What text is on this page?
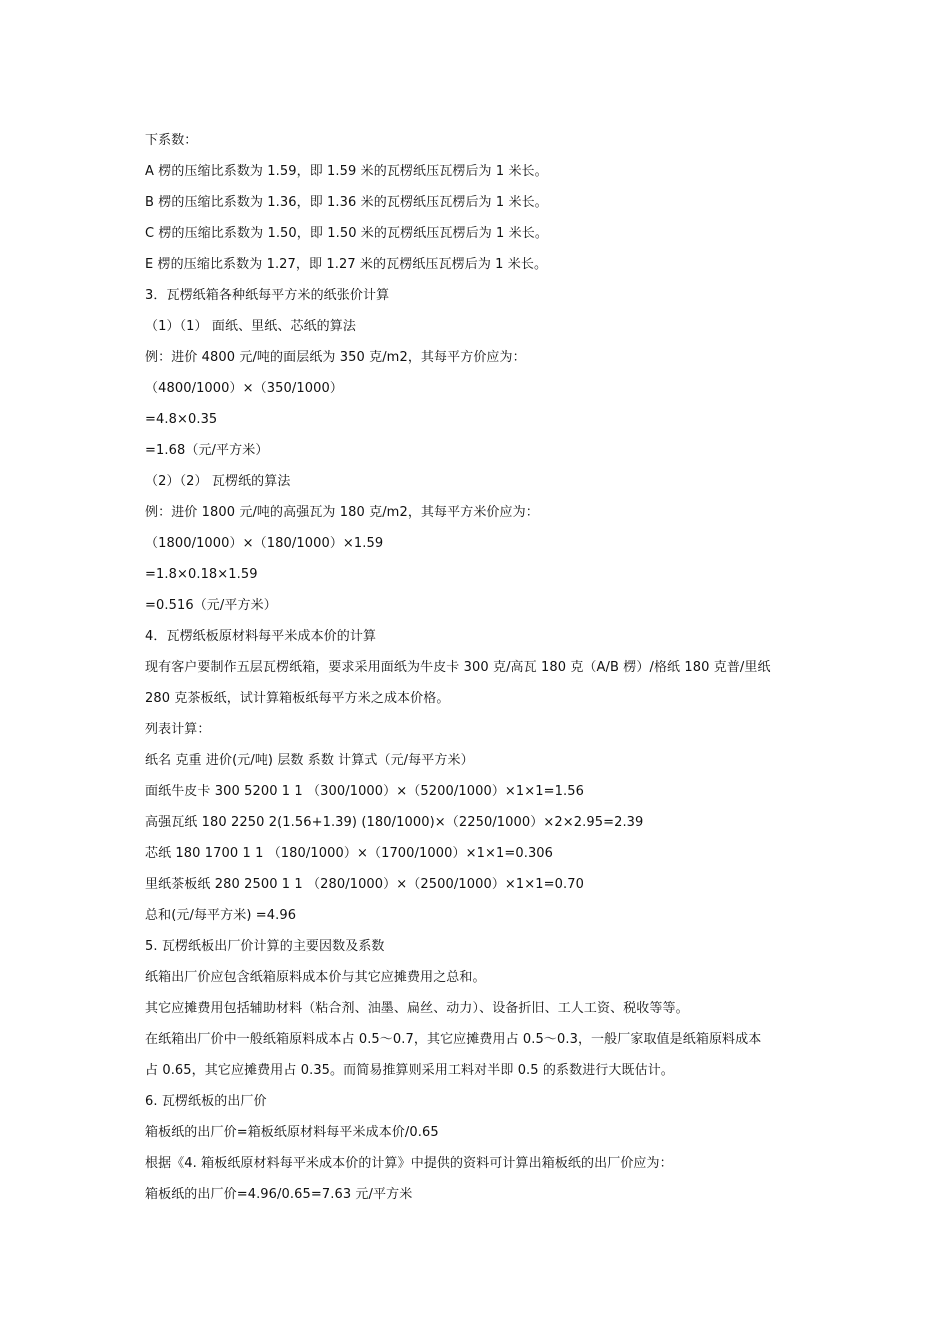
下系数：
A 楞的压缩比系数为 1.59，即 1.59 米的瓦楞纸压瓦楞后为 1 米长。
B 楞的压缩比系数为 1.36，即 1.36 米的瓦楞纸压瓦楞后为 1 米长。
C 楞的压缩比系数为 1.50，即 1.50 米的瓦楞纸压瓦楞后为 1 米长。
E 楞的压缩比系数为 1.27，即 1.27 米的瓦楞纸压瓦楞后为 1 米长。
3．瓦楞纸箱各种纸每平方米的纸张价计算
（1）（1） 面纸、里纸、芯纸的算法
例：进价 4800 元/吨的面层纸为 350 克/m2，其每平方价应为：
（4800/1000）×（350/1000）
=4.8×0.35
=1.68（元/平方米）
（2）（2） 瓦楞纸的算法
例：进价 1800 元/吨的高强瓦为 180 克/m2，其每平方米价应为：
（1800/1000）×（180/1000）×1.59
=1.8×0.18×1.59
=0.516（元/平方米）
4．瓦楞纸板原材料每平米成本价的计算
现有客户要制作五层瓦楞纸箱，要求采用面纸为牛皮卡 300 克/高瓦 180 克（A/B 楞）/格纸 180 克普/里纸
280 克茶板纸，试计算箱板纸每平方米之成本价格。
列表计算：
纸名 克重 进价(元/吨) 层数 系数 计算式（元/每平方米）
面纸牛皮卡 300 5200 1 1 （300/1000）×（5200/1000）×1×1=1.56
高强瓦纸 180 2250 2(1.56+1.39) (180/1000)×（2250/1000）×2×2.95=2.39
芯纸 180 1700 1 1 （180/1000）×（1700/1000）×1×1=0.306
里纸茶板纸 280 2500 1 1 （280/1000）×（2500/1000）×1×1=0.70
总和(元/每平方米) =4.96
5. 瓦楞纸板出厂价计算的主要因数及系数
纸箱出厂价应包含纸箱原料成本价与其它应摊费用之总和。
其它应摊费用包括辅助材料（粘合剂、油墨、扁丝、动力）、设备折旧、工人工资、税收等等。
在纸箱出厂价中一般纸箱原料成本占 0.5～0.7，其它应摊费用占 0.5～0.3，一般厂家取值是纸箱原料成本
占 0.65，其它应摊费用占 0.35。而简易推算则采用工料对半即 0.5 的系数进行大既估计。
6. 瓦楞纸板的出厂价
箱板纸的出厂价=箱板纸原材料每平米成本价/0.65
根据《4. 箱板纸原材料每平米成本价的计算》中提供的资料可计算出箱板纸的出厂价应为：
箱板纸的出厂价=4.96/0.65=7.63 元/平方米
